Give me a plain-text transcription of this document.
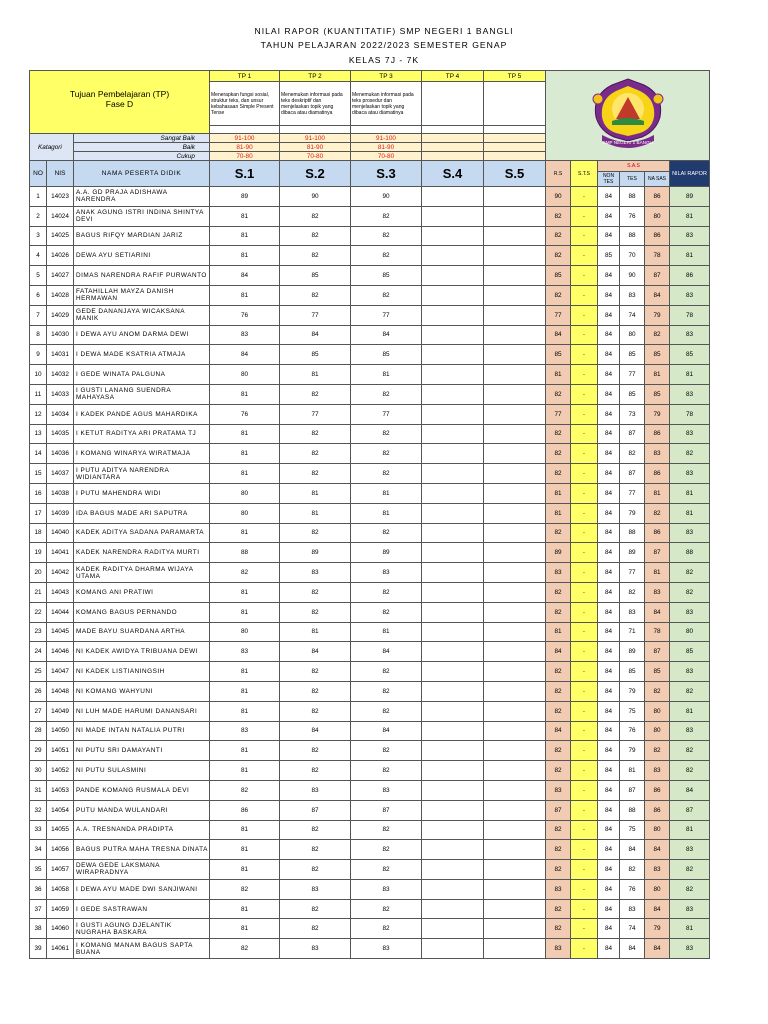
NILAI RAPOR (KUANTITATIF) SMP NEGERI 1 BANGLI
TAHUN PELAJARAN 2022/2023 SEMESTER GENAP
KELAS 7J - 7K
Tujuan Pembelajaran (TP)
Fase D			TP 1	TP 2	TP 3	TP 4	TP 5	SMP NEGERI 1 BANGLI					

			Menerapkan fungsi sosial, struktur teks, dan unsur kebahasaan Simple Present Tense	Menemukan informasi pada teks deskriptif dan menjelaskan topik yang dibaca atau diamatinya	Menemukan informasi pada teks prosedur dan menjelaskan topik yang dibaca atau diamatinya								

Katagori		Sangat Baik	91-100	91-100	91-100								
		Baik	81-90	81-90	81-90								
		Cukup	70-80	70-80	70-80								
NO	NIS	NAMA PESERTA DIDIK	S.1	S.2	S.3	S.4	S.5	R.S	S.T.S	S.A.S			NILAI RAPOR
										NON TES	TES	NA SAS	
1	14023	A.A. GD PRAJA ADISHAWA NARENDRA	89	90	90			90	-	84	88	86	89
2	14024	ANAK AGUNG ISTRI INDINA SHINTYA DEVI	81	82	82			82	-	84	76	80	81
3	14025	BAGUS RIFQY MARDIAN JARIZ	81	82	82			82	-	84	88	86	83
4	14026	DEWA AYU SETIARINI	81	82	82			82	-	85	70	78	81
5	14027	DIMAS NARENDRA RAFIF PURWANTO	84	85	85			85	-	84	90	87	86
6	14028	FATAHILLAH MAYZA DANISH HERMAWAN	81	82	82			82	-	84	83	84	83
7	14029	GEDE DANANJAYA WICAKSANA MANIK	76	77	77			77	-	84	74	79	78
8	14030	I DEWA AYU ANOM DARMA DEWI	83	84	84			84	-	84	80	82	83
9	14031	I DEWA MADE KSATRIA ATMAJA	84	85	85			85	-	84	85	85	85
10	14032	I GEDE WINATA PALGUNA	80	81	81			81	-	84	77	81	81
11	14033	I GUSTI LANANG SUENDRA MAHAYASA	81	82	82			82	-	84	85	85	83
12	14034	I KADEK PANDE AGUS MAHARDIKA	76	77	77			77	-	84	73	79	78
13	14035	I KETUT RADITYA ARI PRATAMA TJ	81	82	82			82	-	84	87	86	83
14	14036	I KOMANG WINARYA WIRATMAJA	81	82	82			82	-	84	82	83	82
15	14037	I PUTU ADITYA NARENDRA WIDIANTARA	81	82	82			82	-	84	87	86	83
16	14038	I PUTU MAHENDRA WIDI	80	81	81			81	-	84	77	81	81
17	14039	IDA BAGUS MADE ARI SAPUTRA	80	81	81			81	-	84	79	82	81
18	14040	KADEK ADITYA SADANA PARAMARTA	81	82	82			82	-	84	88	86	83
19	14041	KADEK NARENDRA RADITYA MURTI	88	89	89			89	-	84	89	87	88
20	14042	KADEK RADITYA DHARMA WIJAYA UTAMA	82	83	83			83	-	84	77	81	82
21	14043	KOMANG ANI PRATIWI	81	82	82			82	-	84	82	83	82
22	14044	KOMANG BAGUS PERNANDO	81	82	82			82	-	84	83	84	83
23	14045	MADE BAYU SUARDANA ARTHA	80	81	81			81	-	84	71	78	80
24	14046	NI KADEK AWIDYA TRIBUANA DEWI	83	84	84			84	-	84	89	87	85
25	14047	NI KADEK LISTIANINGSIH	81	82	82			82	-	84	85	85	83
26	14048	NI KOMANG WAHYUNI	81	82	82			82	-	84	79	82	82
27	14049	NI LUH MADE HARUMI DANANSARI	81	82	82			82	-	84	75	80	81
28	14050	NI MADE INTAN NATALIA PUTRI	83	84	84			84	-	84	76	80	83
29	14051	NI PUTU SRI DAMAYANTI	81	82	82			82	-	84	79	82	82
30	14052	NI PUTU SULASMINI	81	82	82			82	-	84	81	83	82
31	14053	PANDE KOMANG RUSMALA DEVI	82	83	83			83	-	84	87	86	84
32	14054	PUTU MANDA WULANDARI	86	87	87			87	-	84	88	86	87
33	14055	A.A. TRESNANDA PRADIPTA	81	82	82			82	-	84	75	80	81
34	14056	BAGUS PUTRA MAHA TRESNA DINATA	81	82	82			82	-	84	84	84	83
35	14057	DEWA GEDE LAKSMANA WIRAPRADNYA	81	82	82			82	-	84	82	83	82
36	14058	I DEWA AYU MADE DWI SANJIWANI	82	83	83			83	-	84	76	80	82
37	14059	I GEDE SASTRAWAN	81	82	82			82	-	84	83	84	83
38	14060	I GUSTI AGUNG DJELANTIK NUGRAHA BASKARA	81	82	82			82	-	84	74	79	81
39	14061	I KOMANG MANAM BAGUS SAPTA BUANA	82	83	83			83	-	84	84	84	83
